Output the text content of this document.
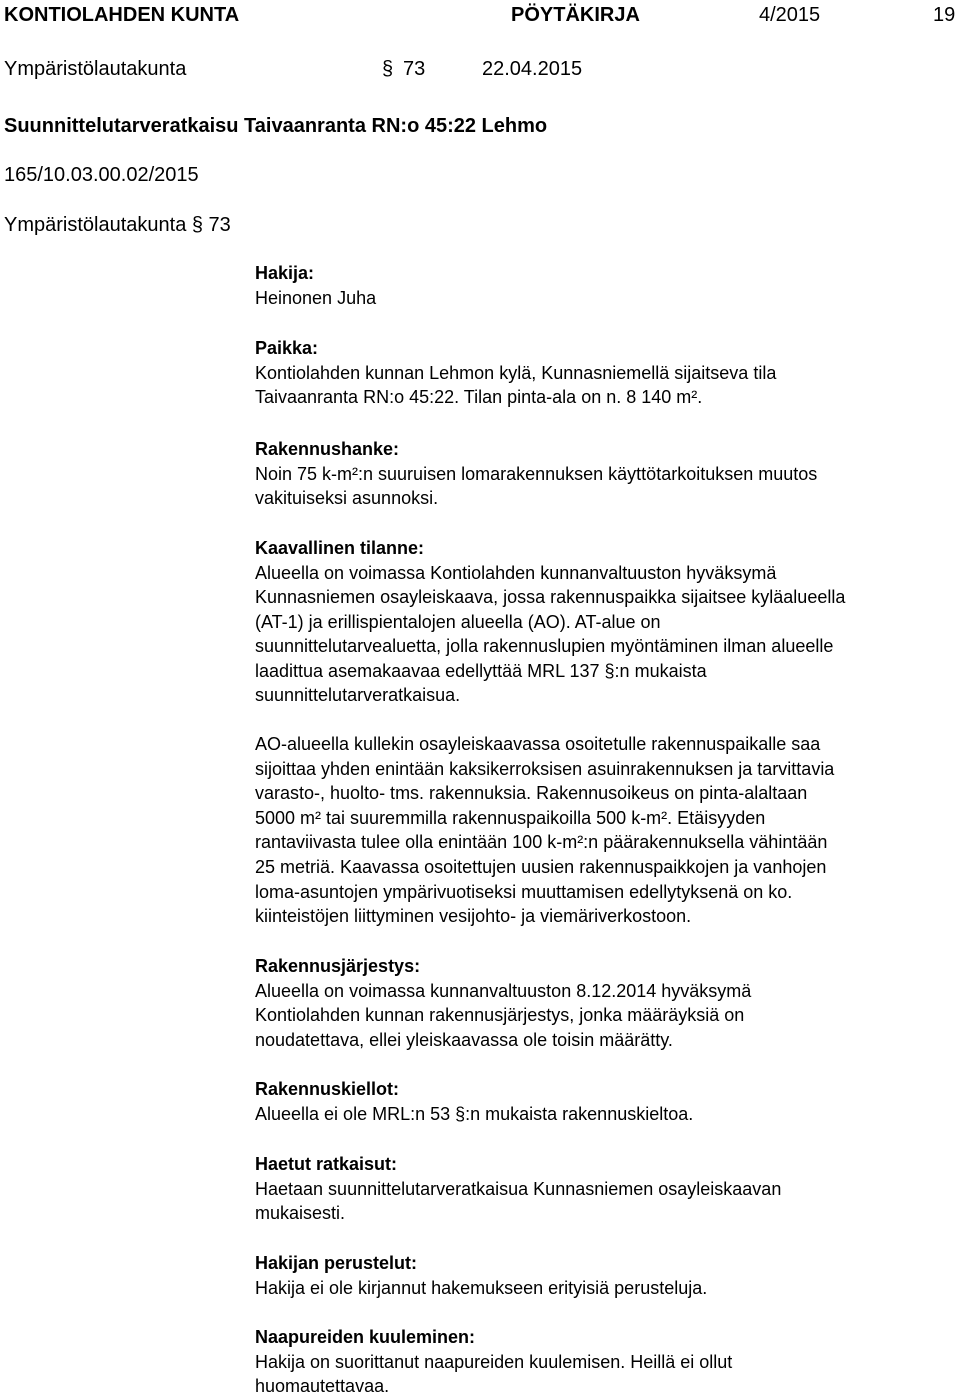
KONTIOLAHDEN KUNTA	PÖYTÄKIRJA	4/2015	19
Ympäristölautakunta	§ 73	22.04.2015
Suunnittelutarveratkaisu Taivaanranta RN:o 45:22 Lehmo
165/10.03.00.02/2015
Ympäristölautakunta § 73
Hakija:
Heinonen Juha
Paikka:
Kontiolahden kunnan Lehmon kylä, Kunnasniemellä sijaitseva tila
Taivaanranta RN:o 45:22. Tilan pinta-ala on n. 8 140 m².
Rakennushanke:
Noin 75 k-m²:n suuruisen lomarakennuksen käyttötarkoituksen muutos
vakituiseksi asunnoksi.
Kaavallinen tilanne:
Alueella on voimassa Kontiolahden kunnanvaltuuston hyväksymä
Kunnasniemen osayleiskaava, jossa rakennuspaikka sijaitsee kyläalueella
(AT-1) ja erillispientalojen alueella (AO). AT-alue on
suunnittelutarvealuetta, jolla rakennuslupien myöntäminen ilman alueelle
laadittua asemakaavaa edellyttää MRL 137 §:n mukaista
suunnittelutarveratkaisua.
AO-alueella kullekin osayleiskaavassa osoitetulle rakennuspaikalle saa
sijoittaa yhden enintään kaksikerroksisen asuinrakennuksen ja tarvittavia
varasto-, huolto- tms. rakennuksia. Rakennusoikeus on pinta-alaltaan
5000 m² tai suuremmilla rakennuspaikoilla 500 k-m². Etäisyyden
rantaviivasta tulee olla enintään 100 k-m²:n päärakennuksella vähintään
25 metriä. Kaavassa osoitettujen uusien rakennuspaikkojen ja vanhojen
loma-asuntojen ympärivuotiseksi muuttamisen edellytyksenä on ko.
kiinteistöjen liittyminen vesijohto- ja viemäriverkostoon.
Rakennusjärjestys:
Alueella on voimassa kunnanvaltuuston 8.12.2014 hyväksymä
Kontiolahden kunnan rakennusjärjestys, jonka määräyksiä on
noudatettava, ellei yleiskaavassa ole toisin määrätty.
Rakennuskiellot:
Alueella ei ole MRL:n 53 §:n mukaista rakennuskieltoa.
Haetut ratkaisut:
Haetaan suunnittelutarveratkaisua Kunnasniemen osayleiskaavan
mukaisesti.
Hakijan perustelut:
Hakija ei ole kirjannut hakemukseen erityisiä perusteluja.
Naapureiden kuuleminen:
Hakija on suorittanut naapureiden kuulemisen. Heillä ei ollut
huomautettavaa.
